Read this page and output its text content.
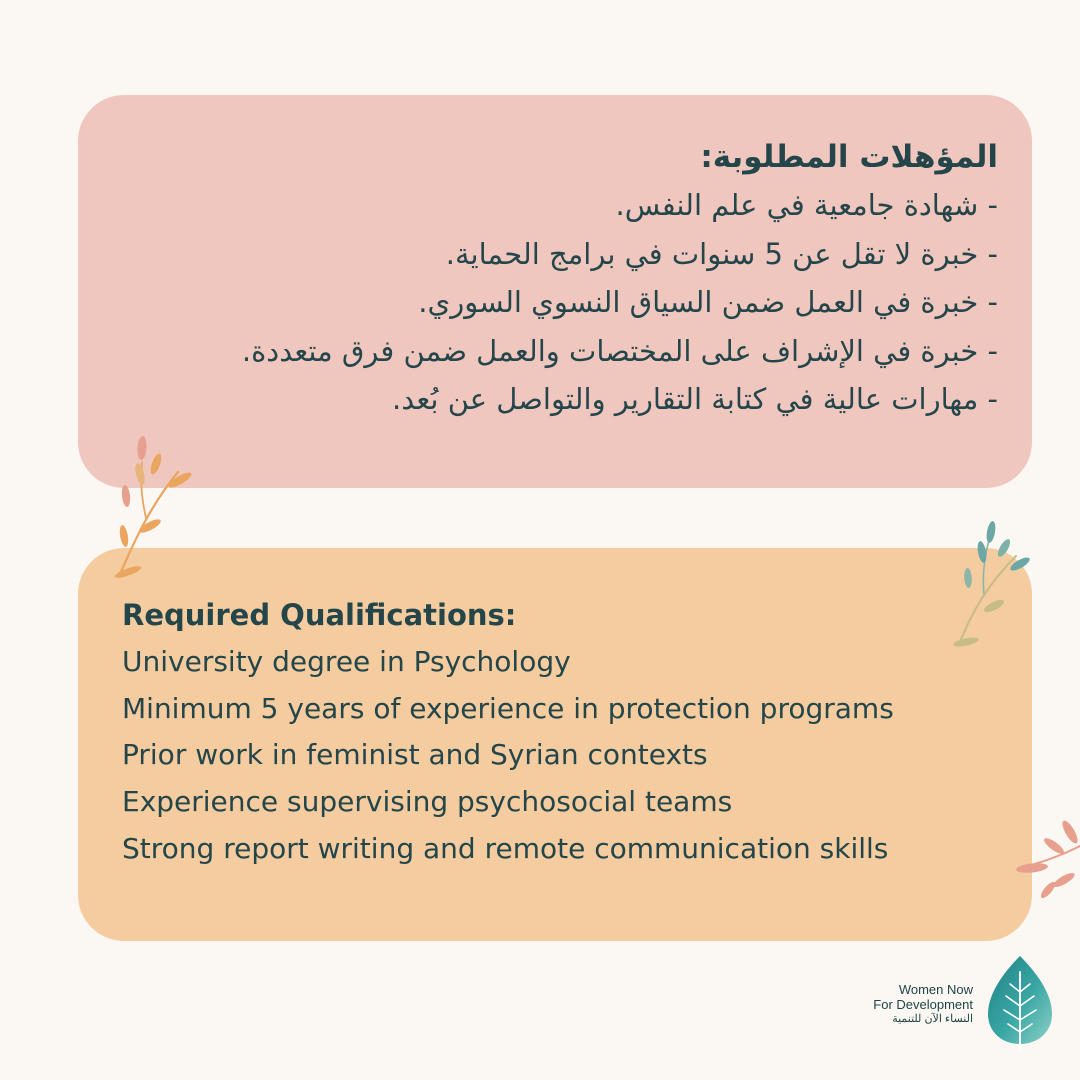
المؤهلات المطلوبة:
- شهادة جامعية في علم النفس.
- خبرة لا تقل عن 5 سنوات في برامج الحماية.
- خبرة في العمل ضمن السياق النسوي السوري.
- خبرة في الإشراف على المختصات والعمل ضمن فرق متعددة.
- مهارات عالية في كتابة التقارير والتواصل عن بُعد.
Required Qualifications:
University degree in Psychology
Minimum 5 years of experience in protection programs
Prior work in feminist and Syrian contexts
Experience supervising psychosocial teams
Strong report writing and remote communication skills
Women Now
For Development
النساء الآن للتنمية
